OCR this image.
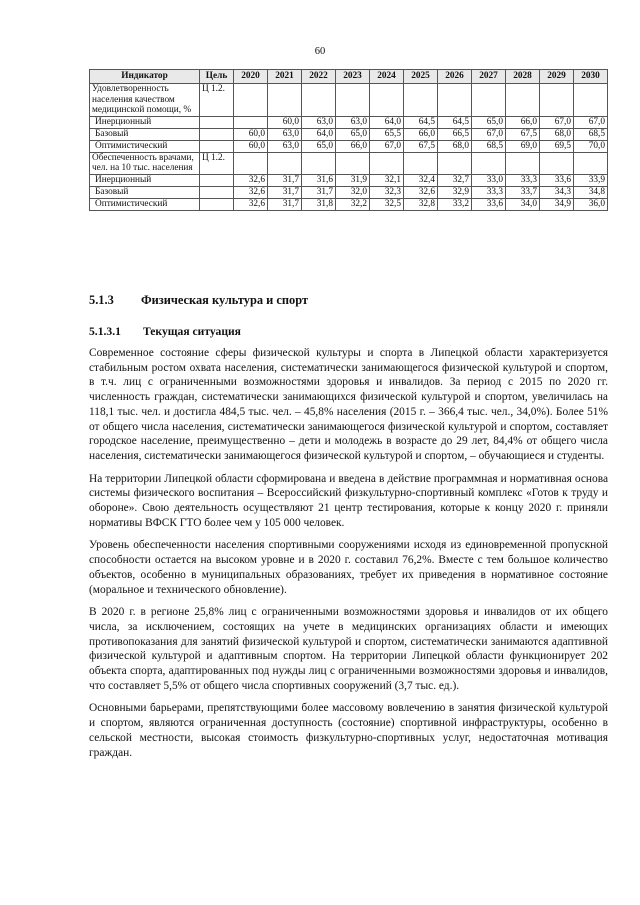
60
Индикатор	Цель	2020	2021	2022	2023	2024	2025	2026	2027	2028	2029	2030
Удовлетворенность населения качеством медицинской помощи, %	Ц 1.2.											
Инерционный			60,0	63,0	63,0	64,0	64,5	64,5	65,0	66,0	67,0	67,0
Базовый		60,0	63,0	64,0	65,0	65,5	66,0	66,5	67,0	67,5	68,0	68,5
Оптимистический		60,0	63,0	65,0	66,0	67,0	67,5	68,0	68,5	69,0	69,5	70,0
Обеспеченность врачами, чел. на 10 тыс. населения	Ц 1.2.											
Инерционный		32,6	31,7	31,6	31,9	32,1	32,4	32,7	33,0	33,3	33,6	33,9
Базовый		32,6	31,7	31,7	32,0	32,3	32,6	32,9	33,3	33,7	34,3	34,8
Оптимистический		32,6	31,7	31,8	32,2	32,5	32,8	33,2	33,6	34,0	34,9	36,0
5.1.3 Физическая культура и спорт
5.1.3.1 Текущая ситуация

Современное состояние сферы физической культуры и спорта в Липецкой области характеризуется стабильным ростом охвата населения, систематически занимающегося физической культурой и спортом, в т.ч. лиц с ограниченными возможностями здоровья и инвалидов. За период с 2015 по 2020 гг. численность граждан, систематически занимающихся физической культурой и спортом, увеличилась на 118,1 тыс. чел. и достигла 484,5 тыс. чел. – 45,8% населения (2015 г. – 366,4 тыс. чел., 34,0%). Более 51% от общего числа населения, систематически занимающегося физической культурой и спортом, составляет городское население, преимущественно – дети и молодежь в возрасте до 29 лет, 84,4% от общего числа населения, систематически занимающегося физической культурой и спортом, – обучающиеся и студенты.

На территории Липецкой области сформирована и введена в действие программная и нормативная основа системы физического воспитания – Всероссийский физкультурно-спортивный комплекс «Готов к труду и обороне». Свою деятельность осуществляют 21 центр тестирования, которые к концу 2020 г. приняли нормативы ВФСК ГТО более чем у 105 000 человек.

Уровень обеспеченности населения спортивными сооружениями исходя из единовременной пропускной способности остается на высоком уровне и в 2020 г. составил 76,2%. Вместе с тем большое количество объектов, особенно в муниципальных образованиях, требует их приведения в нормативное состояние (моральное и технического обновление).

В 2020 г. в регионе 25,8% лиц с ограниченными возможностями здоровья и инвалидов от их общего числа, за исключением, состоящих на учете в медицинских организациях области и имеющих противопоказания для занятий физической культурой и спортом, систематически занимаются адаптивной физической культурой и адаптивным спортом. На территории Липецкой области функционирует 202 объекта спорта, адаптированных под нужды лиц с ограниченными возможностями здоровья и инвалидов, что составляет 5,5% от общего числа спортивных сооружений (3,7 тыс. ед.).

Основными барьерами, препятствующими более массовому вовлечению в занятия физической культурой и спортом, являются ограниченная доступность (состояние) спортивной инфраструктуры, особенно в сельской местности, высокая стоимость физкультурно-спортивных услуг, недостаточная мотивация граждан.
